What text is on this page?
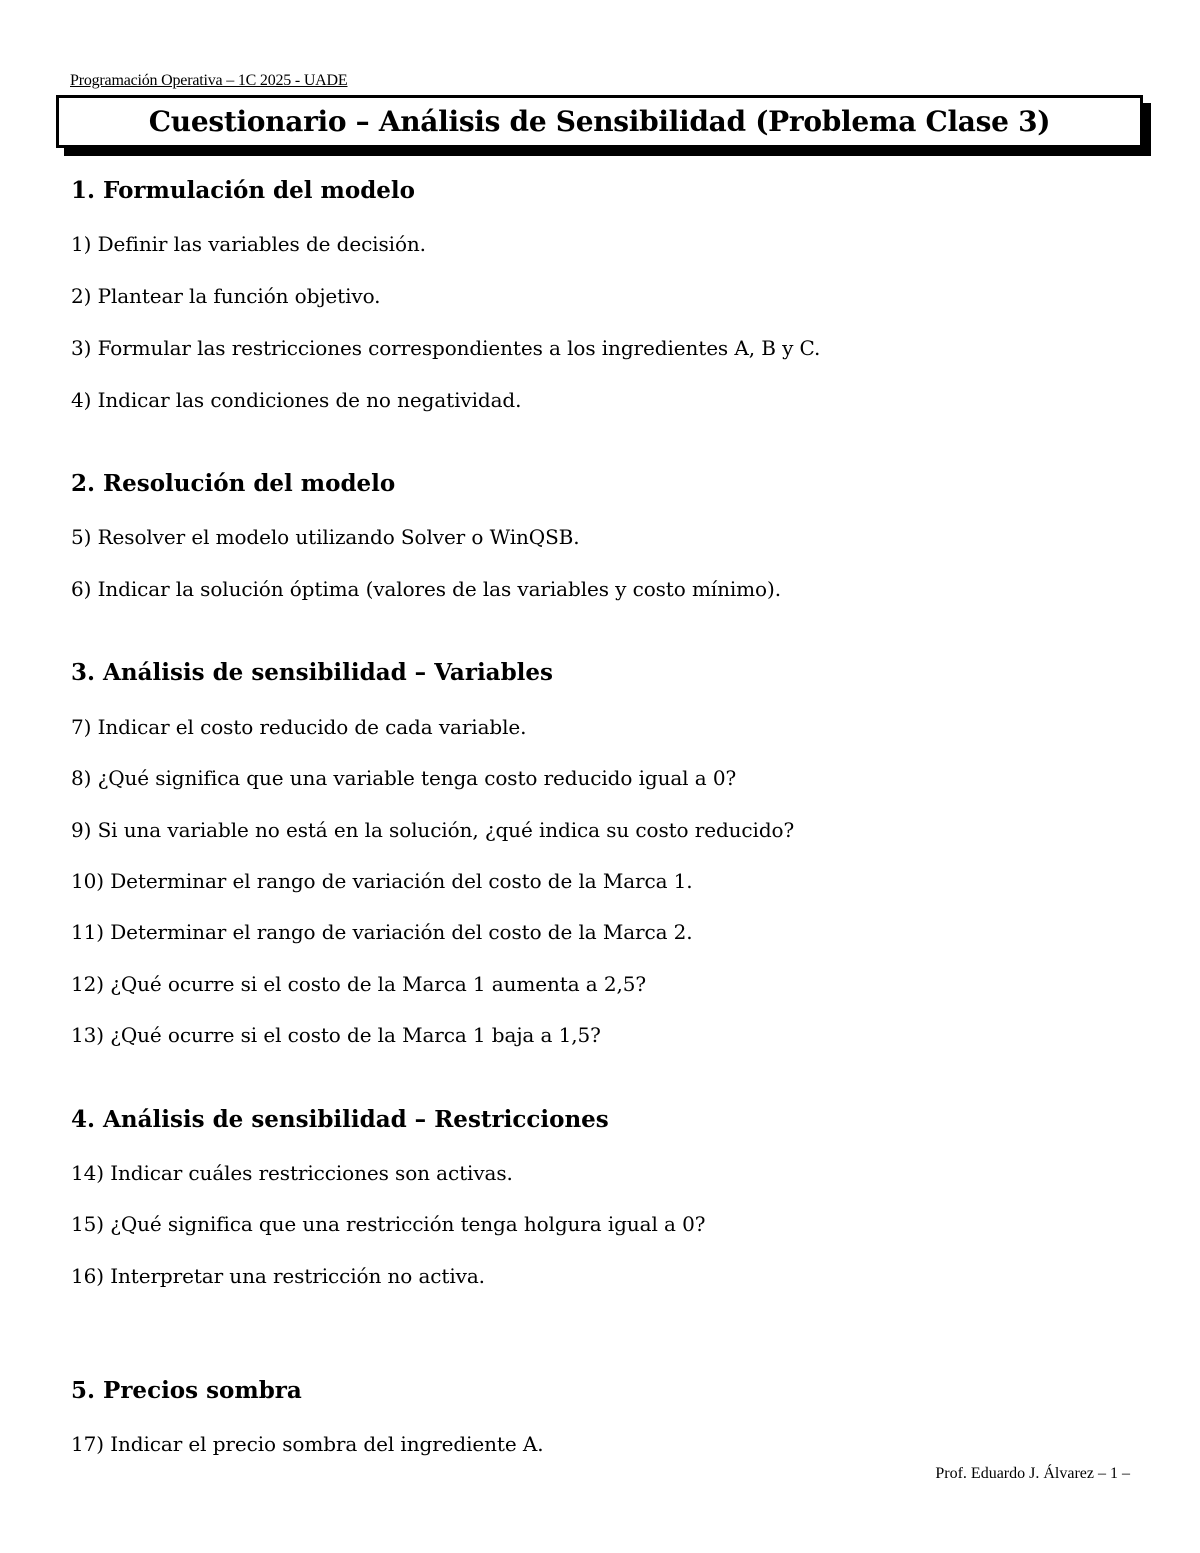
Programación Operativa – 1C 2025 - UADE
Cuestionario – Análisis de Sensibilidad (Problema Clase 3)
1. Formulación del modelo
1) Definir las variables de decisión.
2) Plantear la función objetivo.
3) Formular las restricciones correspondientes a los ingredientes A, B y C.
4) Indicar las condiciones de no negatividad.
2. Resolución del modelo
5) Resolver el modelo utilizando Solver o WinQSB.
6) Indicar la solución óptima (valores de las variables y costo mínimo).
3. Análisis de sensibilidad – Variables
7) Indicar el costo reducido de cada variable.
8) ¿Qué significa que una variable tenga costo reducido igual a 0?
9) Si una variable no está en la solución, ¿qué indica su costo reducido?
10) Determinar el rango de variación del costo de la Marca 1.
11) Determinar el rango de variación del costo de la Marca 2.
12) ¿Qué ocurre si el costo de la Marca 1 aumenta a 2,5?
13) ¿Qué ocurre si el costo de la Marca 1 baja a 1,5?
4. Análisis de sensibilidad – Restricciones
14) Indicar cuáles restricciones son activas.
15) ¿Qué significa que una restricción tenga holgura igual a 0?
16) Interpretar una restricción no activa.
5. Precios sombra
17) Indicar el precio sombra del ingrediente A.
Prof. Eduardo J. Álvarez – 1 –
